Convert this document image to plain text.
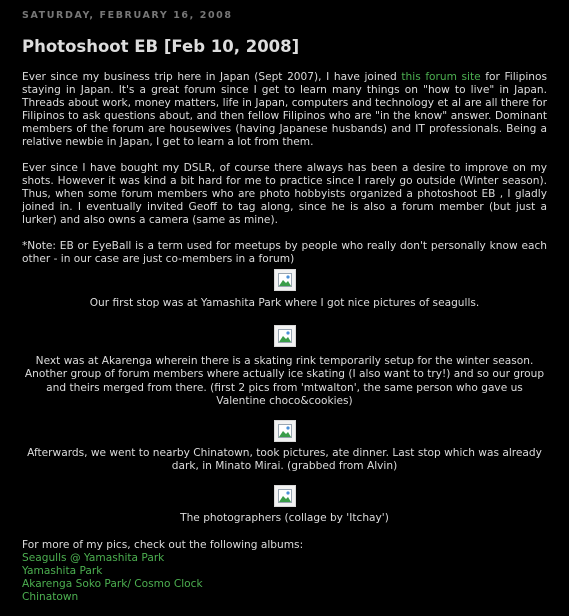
SATURDAY, FEBRUARY 16, 2008
Photoshoot EB [Feb 10, 2008]

Ever since my business trip here in Japan (Sept 2007), I have joined this forum site for Filipinos staying in Japan. It's a great forum since I get to learn many things on "how to live" in Japan. Threads about work, money matters, life in Japan, computers and technology et al are all there for Filipinos to ask questions about, and then fellow Filipinos who are "in the know" answer. Dominant members of the forum are housewives (having Japanese husbands) and IT professionals. Being a relative newbie in Japan, I get to learn a lot from them.

Ever since I have bought my DSLR, of course there always has been a desire to improve on my shots. However it was kind a bit hard for me to practice since I rarely go outside (Winter season). Thus, when some forum members who are photo hobbyists organized a photoshoot EB , I gladly joined in. I eventually invited Geoff to tag along, since he is also a forum member (but just a lurker) and also owns a camera (same as mine).

*Note: EB or EyeBall is a term used for meetups by people who really don't personally know each other - in our case are just co-members in a forum)

Our first stop was at Yamashita Park where I got nice pictures of seagulls.

Next was at Akarenga wherein there is a skating rink temporarily setup for the winter season. Another group of forum members where actually ice skating (I also want to try!) and so our group and theirs merged from there. (first 2 pics from 'mtwalton', the same person who gave us Valentine choco&cookies)

Afterwards, we went to nearby Chinatown, took pictures, ate dinner. Last stop which was already dark, in Minato Mirai. (grabbed from Alvin)

The photographers (collage by 'Itchay')

For more of my pics, check out the following albums:
Seagulls @ Yamashita Park
Yamashita Park
Akarenga Soko Park/ Cosmo Clock
Chinatown
